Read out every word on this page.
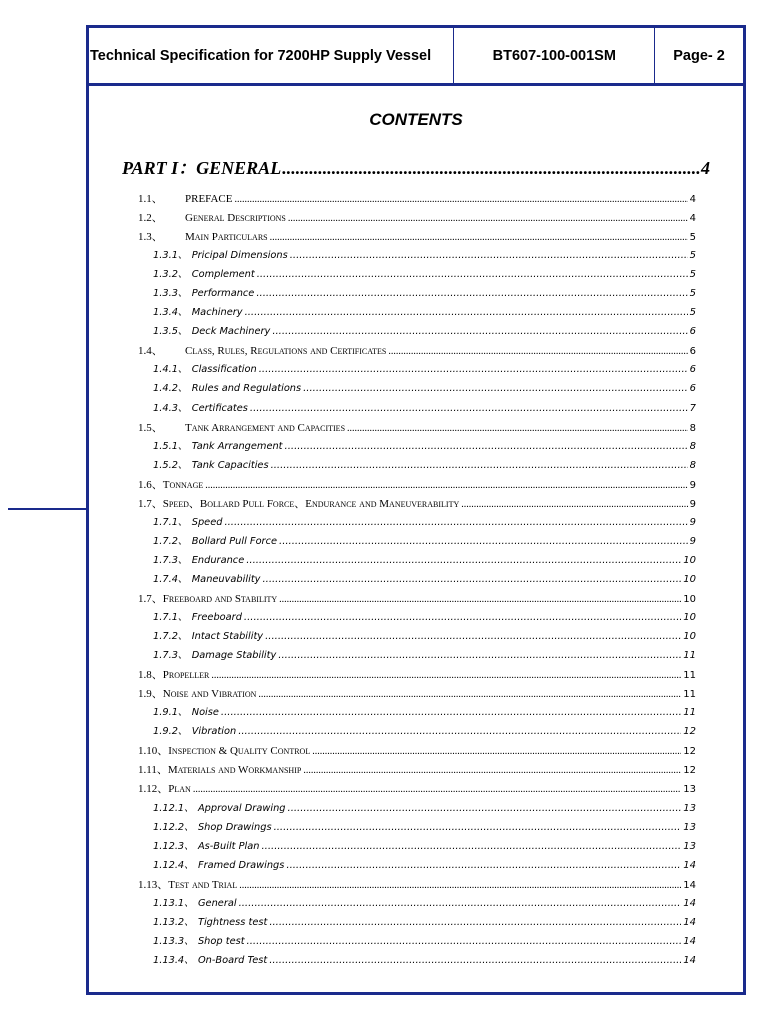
Technical Specification for 7200HP Supply Vessel	BT607-100-001SM	Page- 2
CONTENTS
PART I：GENERAL .....	4
1.1、	PREFACE .....	4
1.2、	General Descriptions .....	4
1.3、	Main Particulars .....	5
1.3.1、 Pricipal Dimensions .....	5
1.3.2、 Complement .....	5
1.3.3、 Performance .....	5
1.3.4、 Machinery .....	5
1.3.5、 Deck Machinery .....	6
1.4、	Class, Rules, Regulations and Certificates .....	6
1.4.1、 Classification .....	6
1.4.2、 Rules and Regulations .....	6
1.4.3、 Certificates .....	7
1.5、	Tank Arrangement and Capacities .....	8
1.5.1、 Tank Arrangement .....	8
1.5.2、 Tank Capacities .....	8
1.6、 Tonnage .....	9
1.7、 Speed、Bollard Pull Force、Endurance and Maneuverability .....	9
1.7.1、 Speed .....	9
1.7.2、 Bollard Pull Force .....	9
1.7.3、 Endurance .....	10
1.7.4、 Maneuvability .....	10
1.7、 Freeboard and Stability .....	10
1.7.1、 Freeboard .....	10
1.7.2、 Intact Stability .....	10
1.7.3、 Damage Stability .....	11
1.8、 Propeller .....	11
1.9、 Noise and Vibration .....	11
1.9.1、 Noise .....	11
1.9.2、 Vibration .....	12
1.10、 Inspection & Quality Control .....	12
1.11、 Materials and Workmanship .....	12
1.12、 Plan .....	13
1.12.1、 Approval Drawing .....	13
1.12.2、 Shop Drawings .....	13
1.12.3、 As-Built Plan .....	13
1.12.4、 Framed Drawings .....	14
1.13、 Test and Trial .....	14
1.13.1、 General .....	14
1.13.2、 Tightness test .....	14
1.13.3、 Shop test .....	14
1.13.4、 On-Board Test .....	14
